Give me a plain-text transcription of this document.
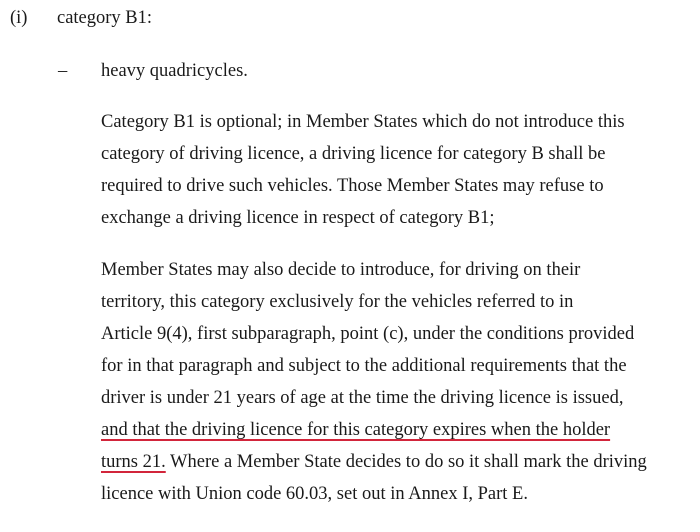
(i) category B1:
– heavy quadricycles.

Category B1 is optional; in Member States which do not introduce this
category of driving licence, a driving licence for category B shall be
required to drive such vehicles. Those Member States may refuse to
exchange a driving licence in respect of category B1;

Member States may also decide to introduce, for driving on their
territory, this category exclusively for the vehicles referred to in
Article 9(4), first subparagraph, point (c), under the conditions provided
for in that paragraph and subject to the additional requirements that the
driver is under 21 years of age at the time the driving licence is issued,
and that the driving licence for this category expires when the holder
turns 21. Where a Member State decides to do so it shall mark the driving
licence with Union code 60.03, set out in Annex I, Part E.
